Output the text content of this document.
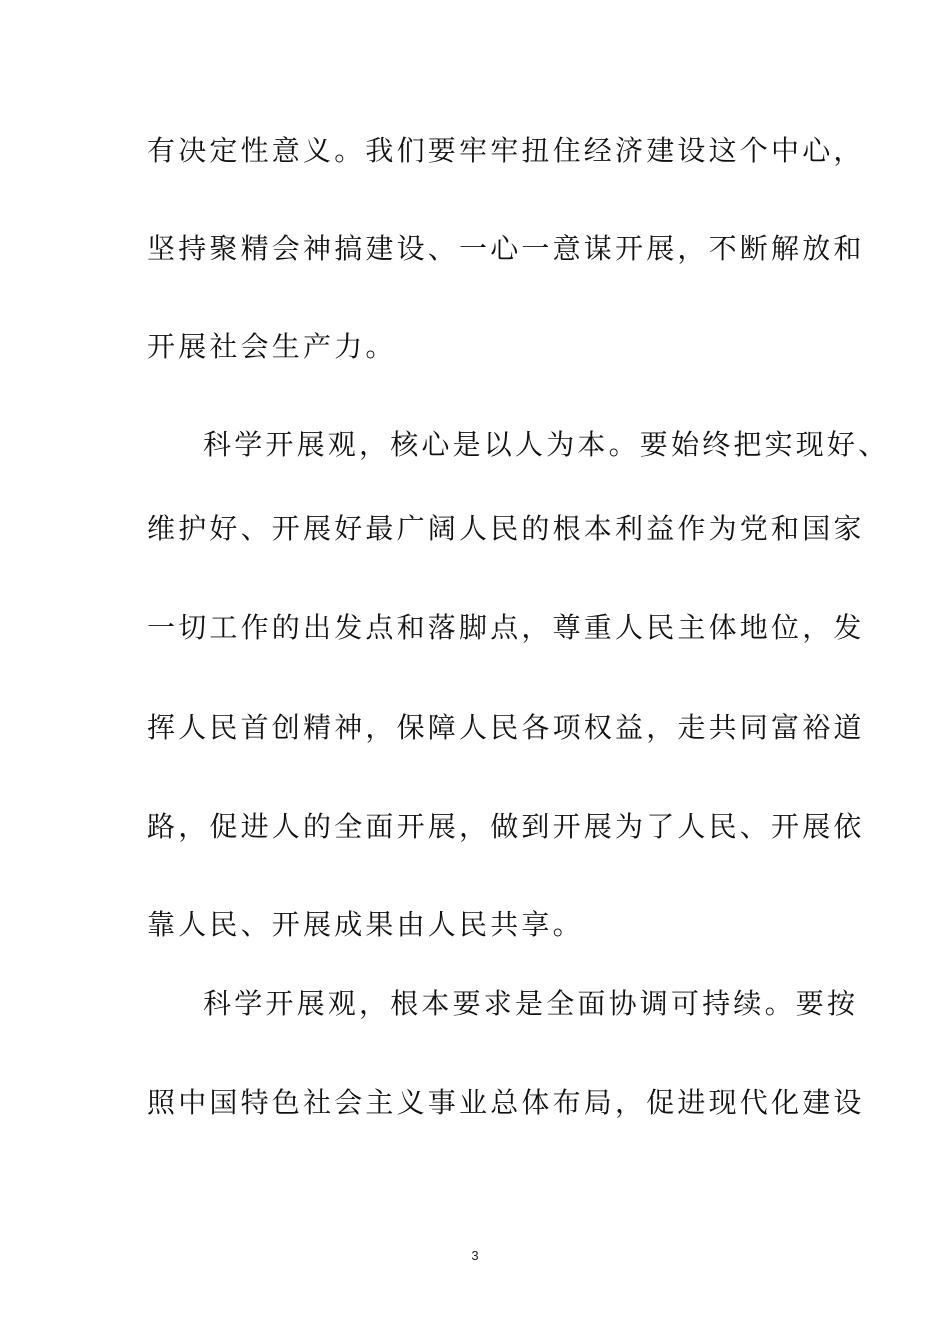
有决定性意义。我们要牢牢扭住经济建设这个中心，
坚持聚精会神搞建设、一心一意谋开展，不断解放和
开展社会生产力。
科学开展观，核心是以人为本。要始终把实现好、
维护好、开展好最广阔人民的根本利益作为党和国家
一切工作的出发点和落脚点，尊重人民主体地位，发
挥人民首创精神，保障人民各项权益，走共同富裕道
路，促进人的全面开展，做到开展为了人民、开展依
靠人民、开展成果由人民共享。
科学开展观，根本要求是全面协调可持续。要按
照中国特色社会主义事业总体布局，促进现代化建设
3
